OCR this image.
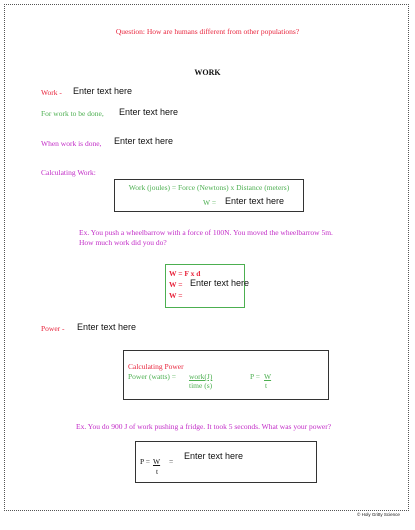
Question: How are humans different from other populations?
WORK
Work - Enter text here
For work to be done, Enter text here
When work is done, Enter text here
Calculating Work:
Work (joules) = Force (Newtons) x Distance (meters)
W = Enter text here
Ex. You push a wheelbarrow with a force of 100N. You moved the wheelbarrow 5m.
How much work did you do?
W = F x d
W =
W =
Enter text here
Power - Enter text here
Calculating Power
Power (watts) = work(J)
time (s)
P = W
t
Ex. You do 900 J of work pushing a fridge. It took 5 seconds. What was your power?
P = W =
t
Enter text here
© Holy Gritty Science
